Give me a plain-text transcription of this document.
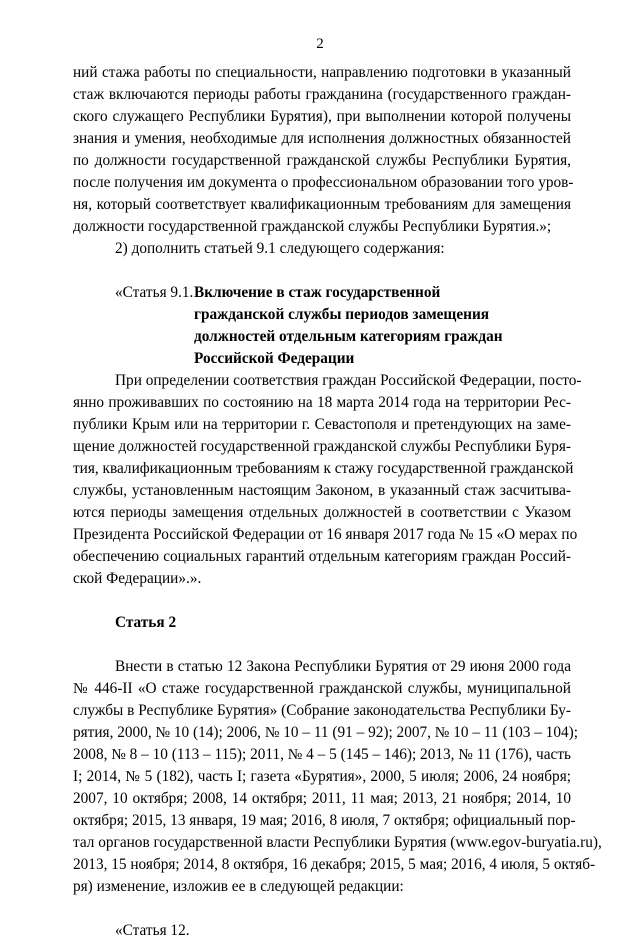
2
ний стажа работы по специальности, направлению подготовки в указанный
стаж включаются периоды работы гражданина (государственного граждан-
ского служащего Республики Бурятия), при выполнении которой получены
знания и умения, необходимые для исполнения должностных обязанностей
по должности государственной гражданской службы Республики Бурятия,
после получения им документа о профессиональном образовании того уров-
ня, который соответствует квалификационным требованиям для замещения
должности государственной гражданской службы Республики Бурятия.»;
2) дополнить статьей 9.1 следующего содержания:
«Статья 9.1. Включение в стаж государственной
гражданской службы периодов замещения
должностей отдельным категориям граждан
Российской Федерации
При определении соответствия граждан Российской Федерации, посто-
янно проживавших по состоянию на 18 марта 2014 года на территории Рес-
публики Крым или на территории г. Севастополя и претендующих на заме-
щение должностей государственной гражданской службы Республики Буря-
тия, квалификационным требованиям к стажу государственной гражданской
службы, установленным настоящим Законом, в указанный стаж засчитыва-
ются периоды замещения отдельных должностей в соответствии с Указом
Президента Российской Федерации от 16 января 2017 года № 15 «О мерах по
обеспечению социальных гарантий отдельным категориям граждан Россий-
ской Федерации».».
Статья 2
Внести в статью 12 Закона Республики Бурятия от 29 июня 2000 года
№ 446-II «О стаже государственной гражданской службы, муниципальной
службы в Республике Бурятия» (Собрание законодательства Республики Бу-
рятия, 2000, № 10 (14); 2006, № 10 – 11 (91 – 92); 2007, № 10 – 11 (103 – 104);
2008, № 8 – 10 (113 – 115); 2011, № 4 – 5 (145 – 146); 2013, № 11 (176), часть
I; 2014, № 5 (182), часть I; газета «Бурятия», 2000, 5 июля; 2006, 24 ноября;
2007, 10 октября; 2008, 14 октября; 2011, 11 мая; 2013, 21 ноября; 2014, 10
октября; 2015, 13 января, 19 мая; 2016, 8 июля, 7 октября; официальный пор-
тал органов государственной власти Республики Бурятия (www.egov-buryatia.ru),
2013, 15 ноября; 2014, 8 октября, 16 декабря; 2015, 5 мая; 2016, 4 июля, 5 октяб-
ря) изменение, изложив ее в следующей редакции:
«Статья 12.
